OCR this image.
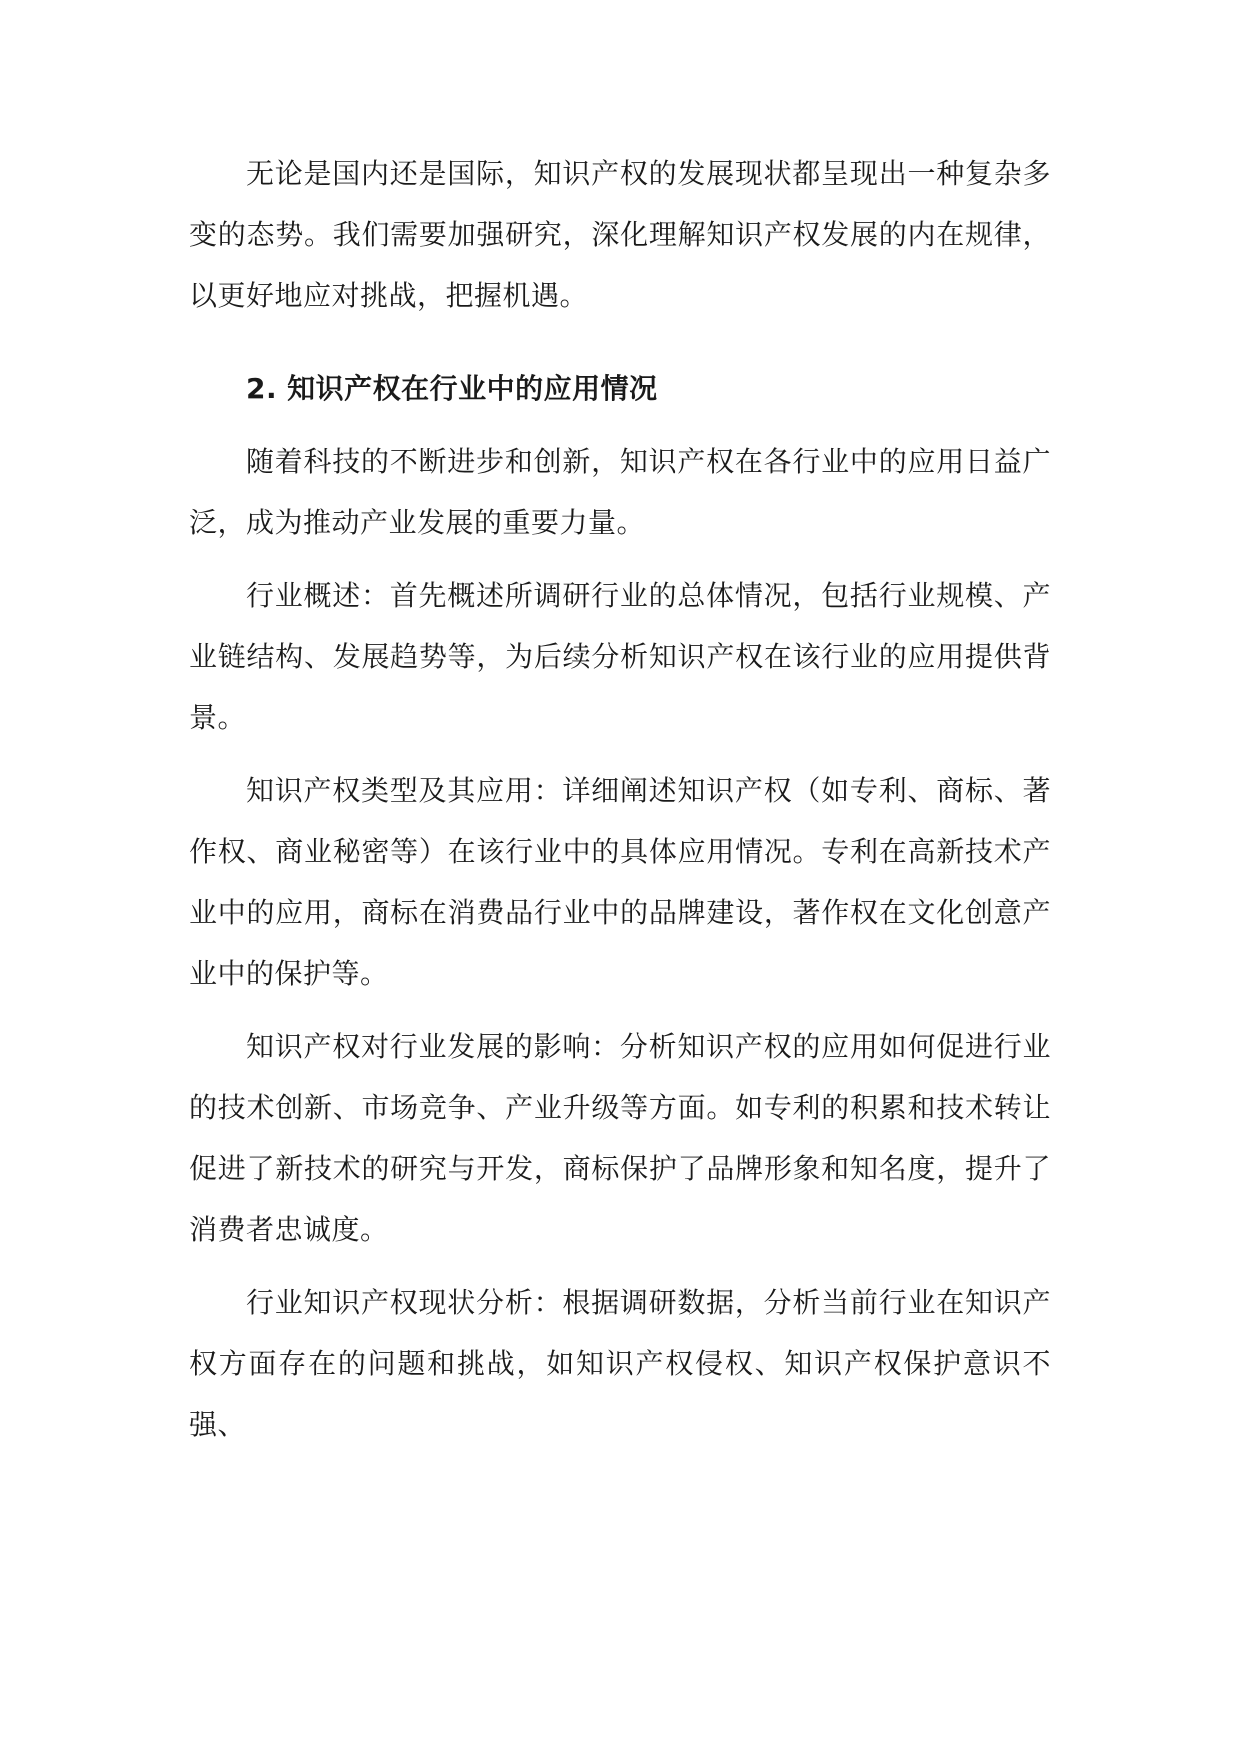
无论是国内还是国际，知识产权的发展现状都呈现出一种复杂多变的态势。我们需要加强研究，深化理解知识产权发展的内在规律，以更好地应对挑战，把握机遇。

2. 知识产权在行业中的应用情况

随着科技的不断进步和创新，知识产权在各行业中的应用日益广泛，成为推动产业发展的重要力量。

行业概述：首先概述所调研行业的总体情况，包括行业规模、产业链结构、发展趋势等，为后续分析知识产权在该行业的应用提供背景。

知识产权类型及其应用：详细阐述知识产权（如专利、商标、著作权、商业秘密等）在该行业中的具体应用情况。专利在高新技术产业中的应用，商标在消费品行业中的品牌建设，著作权在文化创意产业中的保护等。

知识产权对行业发展的影响：分析知识产权的应用如何促进行业的技术创新、市场竞争、产业升级等方面。如专利的积累和技术转让促进了新技术的研究与开发，商标保护了品牌形象和知名度，提升了消费者忠诚度。

行业知识产权现状分析：根据调研数据，分析当前行业在知识产权方面存在的问题和挑战，如知识产权侵权、知识产权保护意识不强、
